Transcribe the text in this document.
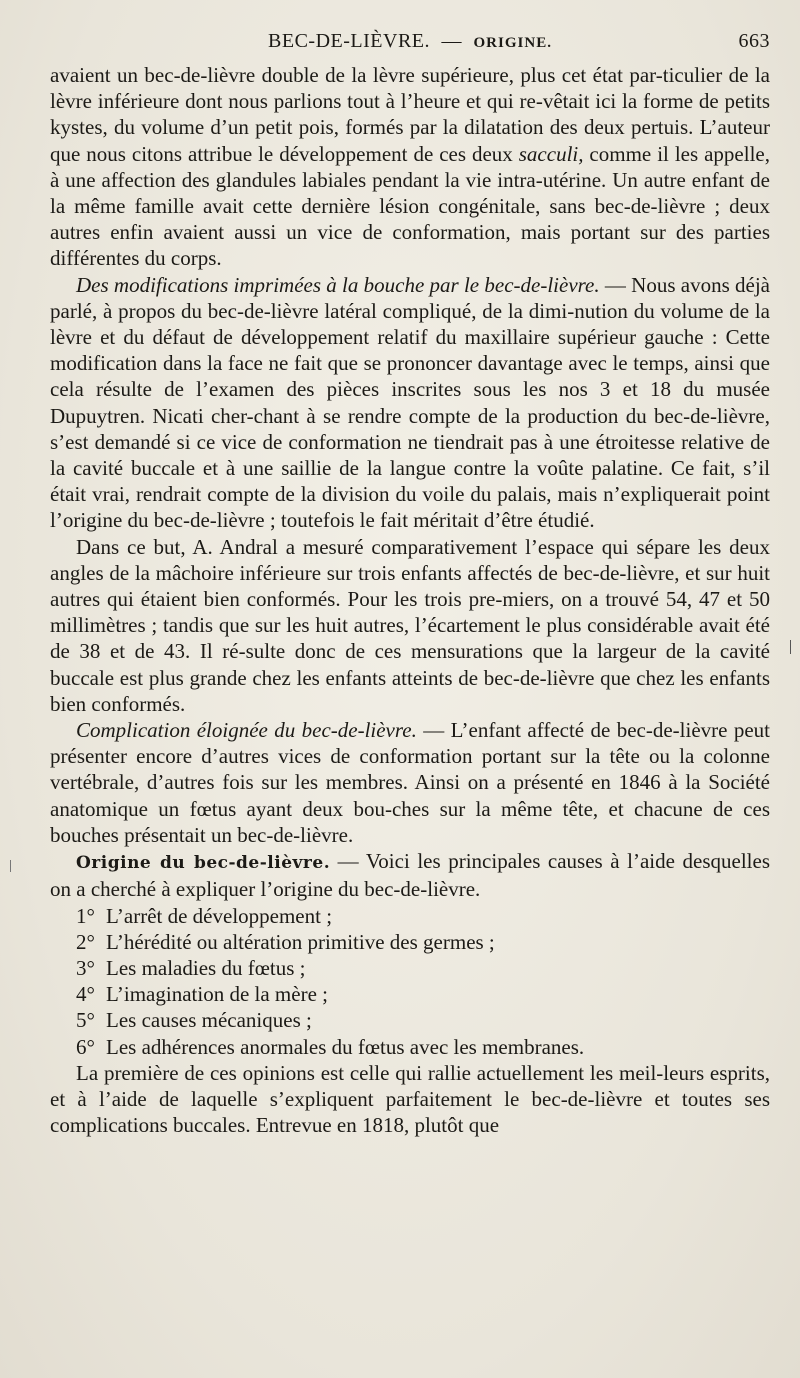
BEC-DE-LIÈVRE. — ORIGINE.	663

avaient un bec-de-lièvre double de la lèvre supérieure, plus cet état par-ticulier de la lèvre inférieure dont nous parlions tout à l’heure et qui re-vêtait ici la forme de petits kystes, du volume d’un petit pois, formés par la dilatation des deux pertuis. L’auteur que nous citons attribue le développement de ces deux sacculi, comme il les appelle, à une affection des glandules labiales pendant la vie intra-utérine. Un autre enfant de la même famille avait cette dernière lésion congénitale, sans bec-de-lièvre ; deux autres enfin avaient aussi un vice de conformation, mais portant sur des parties différentes du corps.

Des modifications imprimées à la bouche par le bec-de-lièvre. — Nous avons déjà parlé, à propos du bec-de-lièvre latéral compliqué, de la dimi-nution du volume de la lèvre et du défaut de développement relatif du maxillaire supérieur gauche : Cette modification dans la face ne fait que se prononcer davantage avec le temps, ainsi que cela résulte de l’examen des pièces inscrites sous les nos 3 et 18 du musée Dupuytren. Nicati cher-chant à se rendre compte de la production du bec-de-lièvre, s’est demandé si ce vice de conformation ne tiendrait pas à une étroitesse relative de la cavité buccale et à une saillie de la langue contre la voûte palatine. Ce fait, s’il était vrai, rendrait compte de la division du voile du palais, mais n’expliquerait point l’origine du bec-de-lièvre ; toutefois le fait méritait d’être étudié.

Dans ce but, A. Andral a mesuré comparativement l’espace qui sépare les deux angles de la mâchoire inférieure sur trois enfants affectés de bec-de-lièvre, et sur huit autres qui étaient bien conformés. Pour les trois pre-miers, on a trouvé 54, 47 et 50 millimètres ; tandis que sur les huit autres, l’écartement le plus considérable avait été de 38 et de 43. Il ré-sulte donc de ces mensurations que la largeur de la cavité buccale est plus grande chez les enfants atteints de bec-de-lièvre que chez les enfants bien conformés.

Complication éloignée du bec-de-lièvre. — L’enfant affecté de bec-de-lièvre peut présenter encore d’autres vices de conformation portant sur la tête ou la colonne vertébrale, d’autres fois sur les membres. Ainsi on a présenté en 1846 à la Société anatomique un fœtus ayant deux bou-ches sur la même tête, et chacune de ces bouches présentait un bec-de-lièvre.

Origine du bec-de-lièvre. — Voici les principales causes à l’aide desquelles on a cherché à expliquer l’origine du bec-de-lièvre.

1° L’arrêt de développement ;
2° L’hérédité ou altération primitive des germes ;
3° Les maladies du fœtus ;
4° L’imagination de la mère ;
5° Les causes mécaniques ;
6° Les adhérences anormales du fœtus avec les membranes.

La première de ces opinions est celle qui rallie actuellement les meil-leurs esprits, et à l’aide de laquelle s’expliquent parfaitement le bec-de-lièvre et toutes ses complications buccales. Entrevue en 1818, plutôt que
